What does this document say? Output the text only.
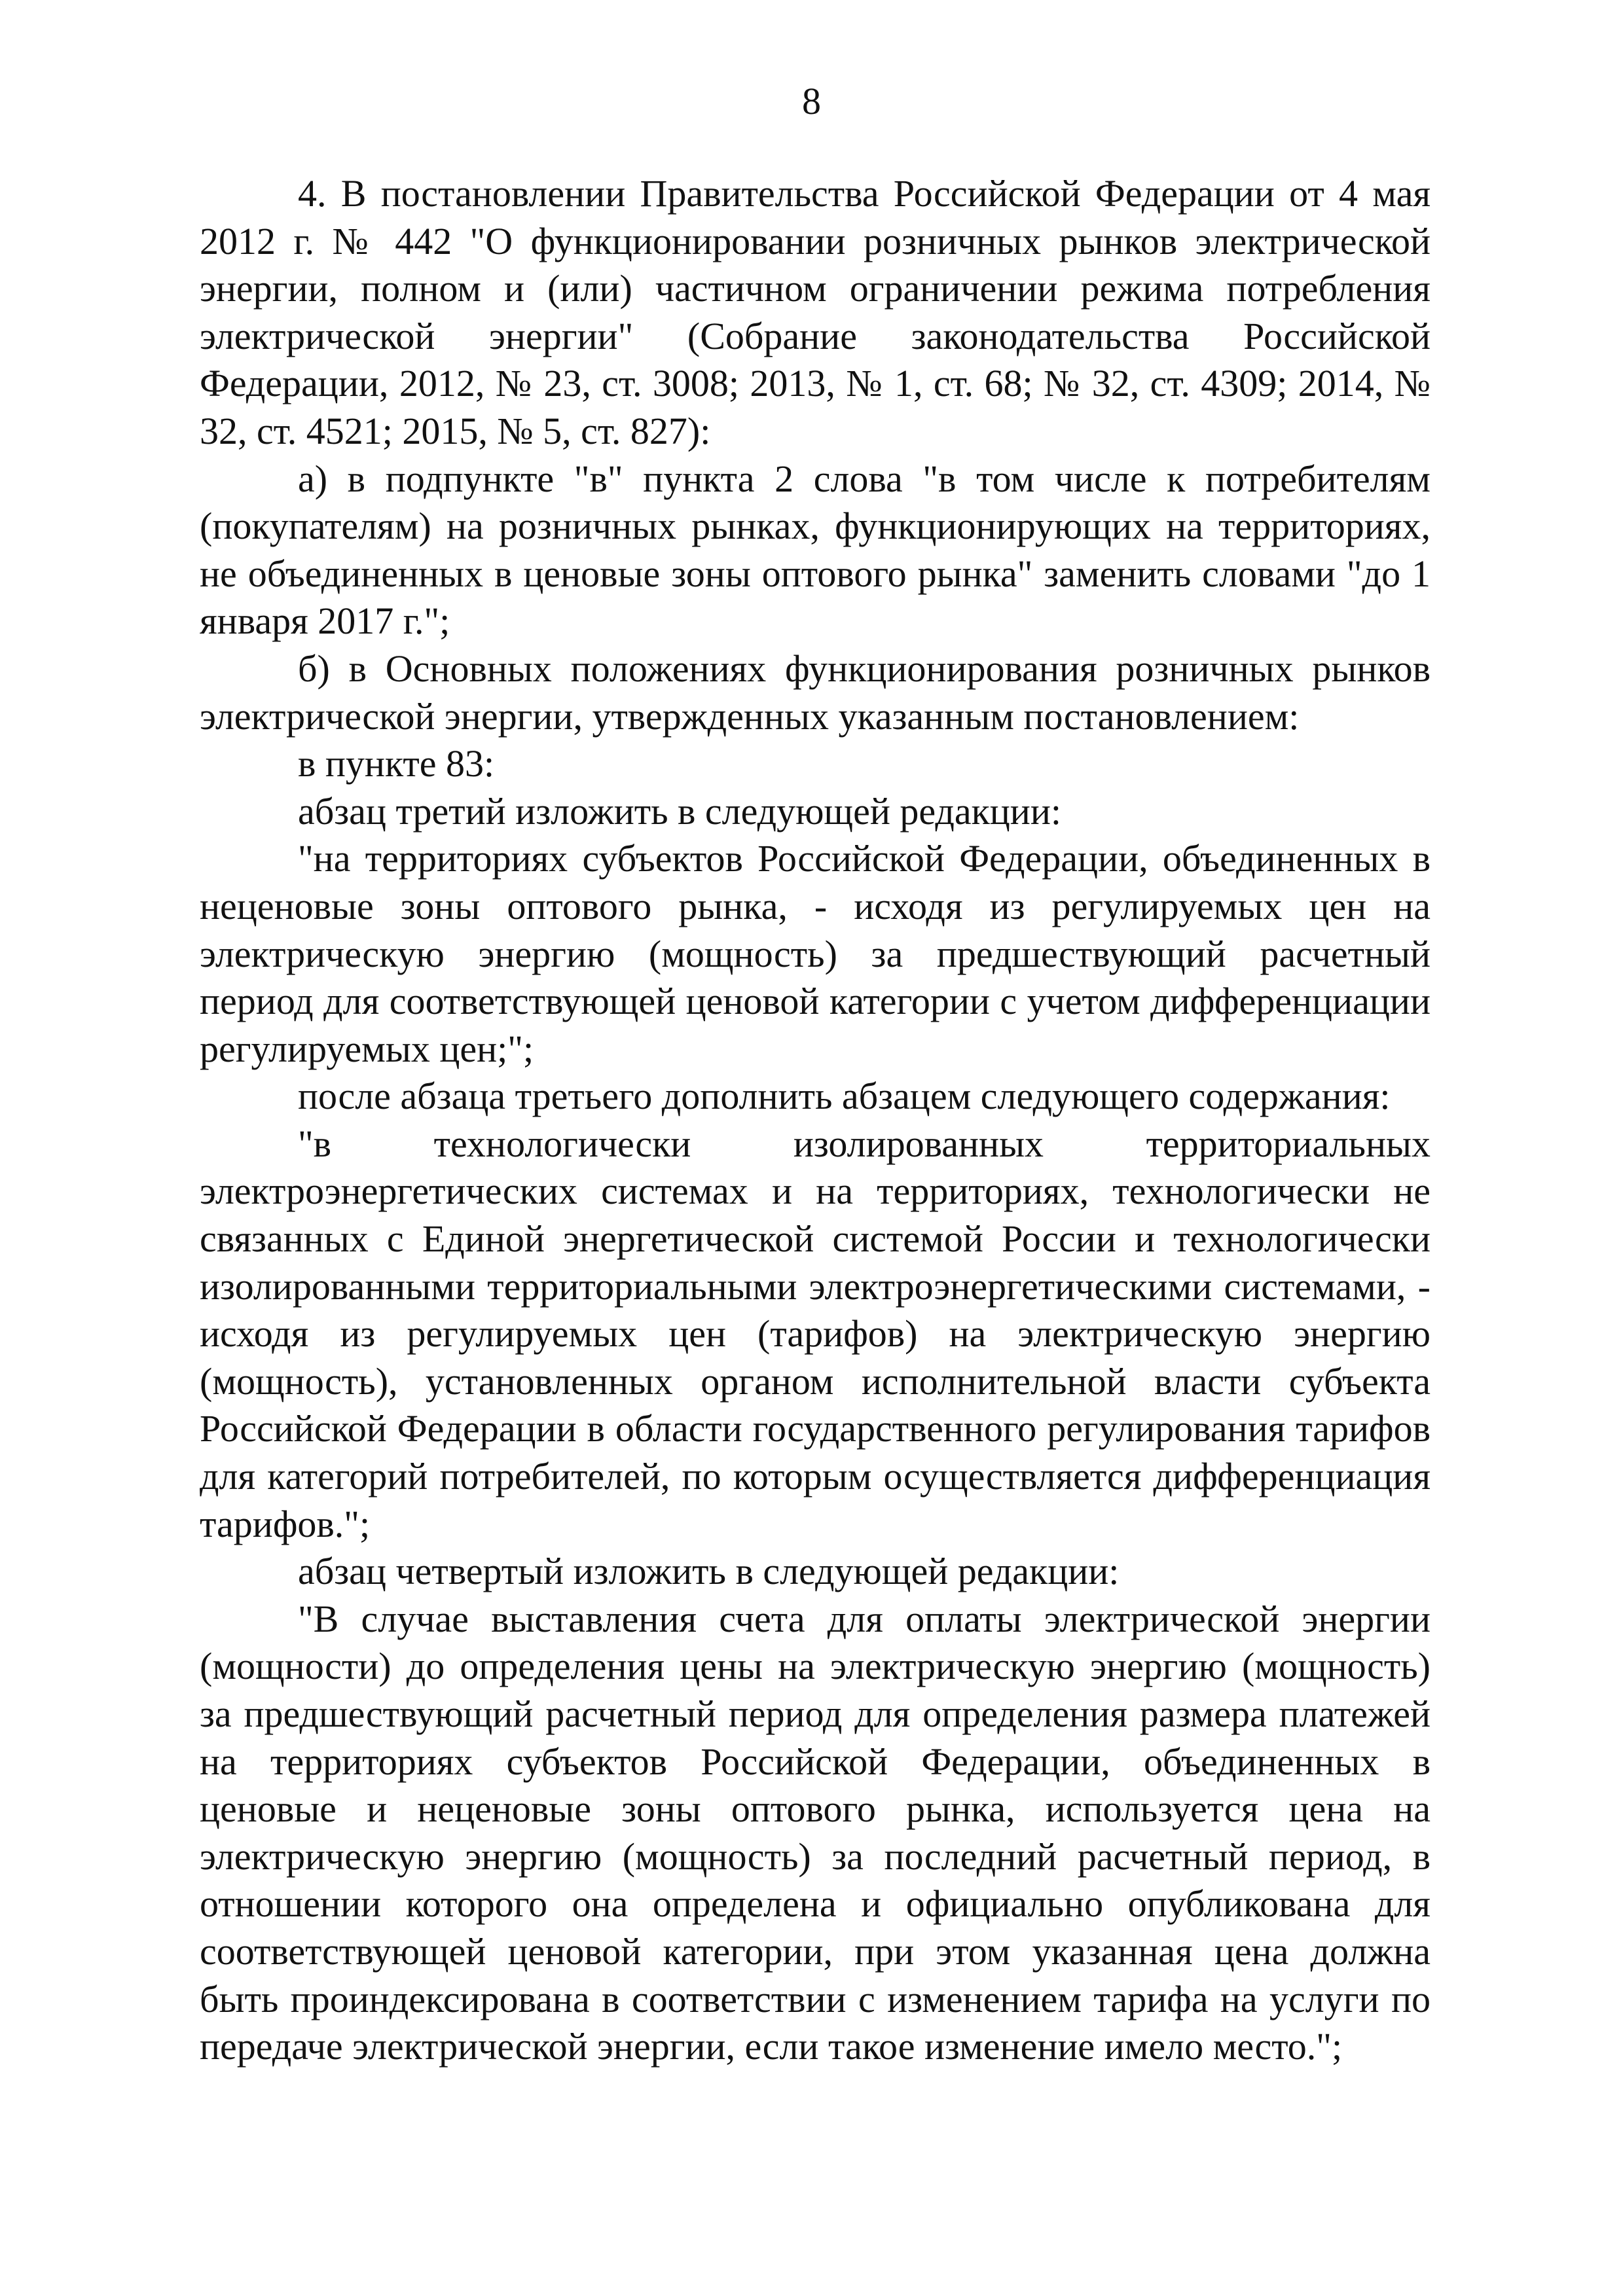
8

4. В постановлении Правительства Российской Федерации от 4 мая 2012 г. № 442 "О функционировании розничных рынков электрической энергии, полном и (или) частичном ограничении режима потребления электрической энергии" (Собрание законодательства Российской Федерации, 2012, № 23, ст. 3008; 2013, № 1, ст. 68; № 32, ст. 4309; 2014, № 32, ст. 4521; 2015, № 5, ст. 827):

а) в подпункте "в" пункта 2 слова "в том числе к потребителям (покупателям) на розничных рынках, функционирующих на территориях, не объединенных в ценовые зоны оптового рынка" заменить словами "до 1 января 2017 г.";

б) в Основных положениях функционирования розничных рынков электрической энергии, утвержденных указанным постановлением:

в пункте 83:

абзац третий изложить в следующей редакции:

"на территориях субъектов Российской Федерации, объединенных в неценовые зоны оптового рынка, - исходя из регулируемых цен на электрическую энергию (мощность) за предшествующий расчетный период для соответствующей ценовой категории с учетом дифференциации регулируемых цен;";

после абзаца третьего дополнить абзацем следующего содержания:

"в технологически изолированных территориальных электроэнергетических системах и на территориях, технологически не связанных с Единой энергетической системой России и технологически изолированными территориальными электроэнергетическими системами, - исходя из регулируемых цен (тарифов) на электрическую энергию (мощность), установленных органом исполнительной власти субъекта Российской Федерации в области государственного регулирования тарифов для категорий потребителей, по которым осуществляется дифференциация тарифов.";

абзац четвертый изложить в следующей редакции:

"В случае выставления счета для оплаты электрической энергии (мощности) до определения цены на электрическую энергию (мощность) за предшествующий расчетный период для определения размера платежей на территориях субъектов Российской Федерации, объединенных в ценовые и неценовые зоны оптового рынка, используется цена на электрическую энергию (мощность) за последний расчетный период, в отношении которого она определена и официально опубликована для соответствующей ценовой категории, при этом указанная цена должна быть проиндексирована в соответствии с изменением тарифа на услуги по передаче электрической энергии, если такое изменение имело место.";
